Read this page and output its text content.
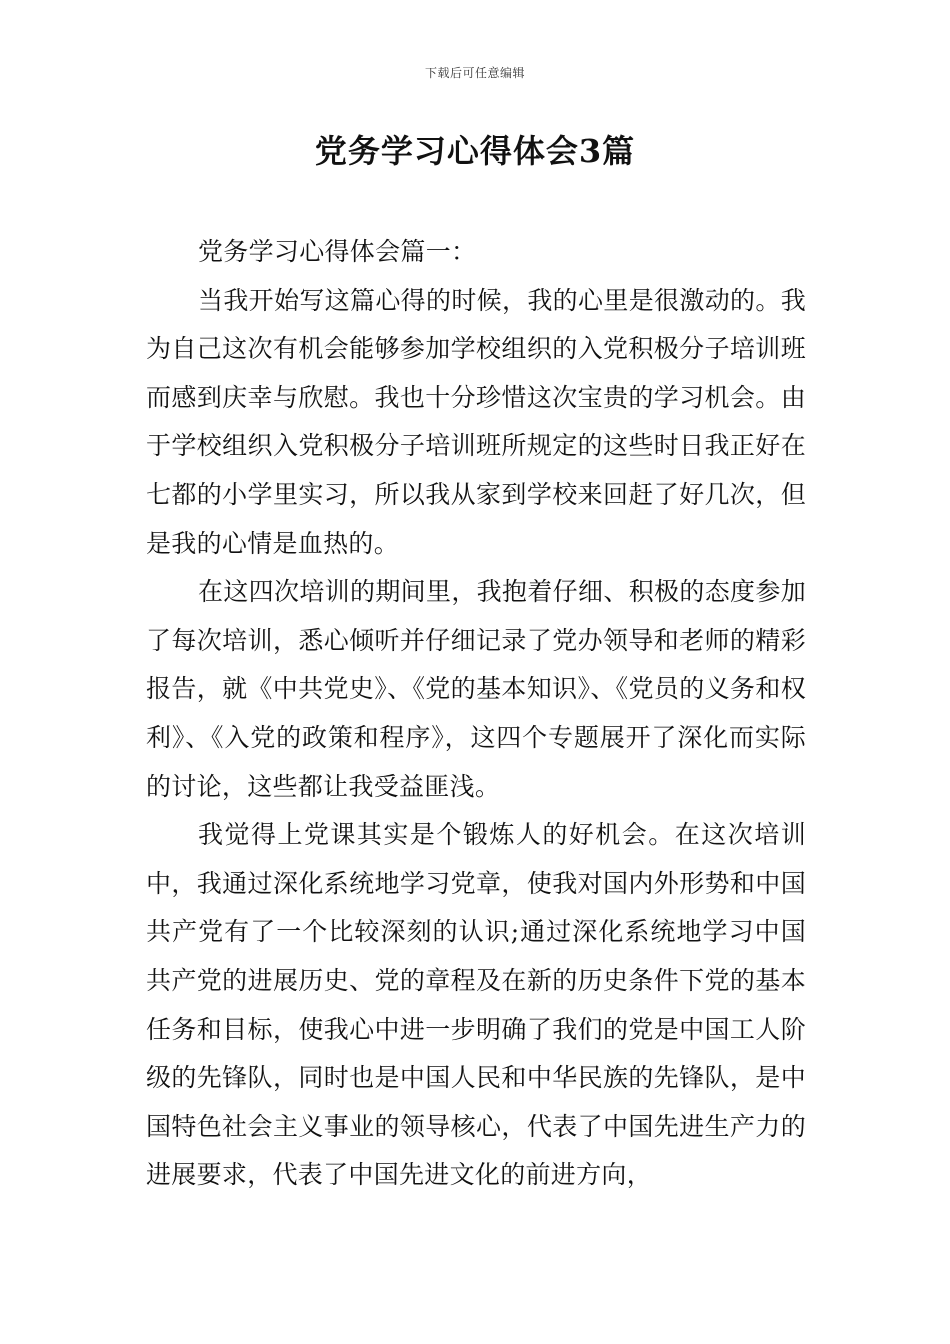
下载后可任意编辑
党务学习心得体会3篇

党务学习心得体会篇一：

当我开始写这篇心得的时候，我的心里是很激动的。我为自己这次有机会能够参加学校组织的入党积极分子培训班而感到庆幸与欣慰。我也十分珍惜这次宝贵的学习机会。由于学校组织入党积极分子培训班所规定的这些时日我正好在七都的小学里实习，所以我从家到学校来回赶了好几次，但是我的心情是血热的。

在这四次培训的期间里，我抱着仔细、积极的态度参加了每次培训，悉心倾听并仔细记录了党办领导和老师的精彩报告，就《中共党史》、《党的基本知识》、《党员的义务和权利》、《入党的政策和程序》，这四个专题展开了深化而实际的讨论，这些都让我受益匪浅。

我觉得上党课其实是个锻炼人的好机会。在这次培训中，我通过深化系统地学习党章，使我对国内外形势和中国共产党有了一个比较深刻的认识;通过深化系统地学习中国共产党的进展历史、党的章程及在新的历史条件下党的基本任务和目标，使我心中进一步明确了我们的党是中国工人阶级的先锋队，同时也是中国人民和中华民族的先锋队，是中国特色社会主义事业的领导核心，代表了中国先进生产力的进展要求，代表了中国先进文化的前进方向，
